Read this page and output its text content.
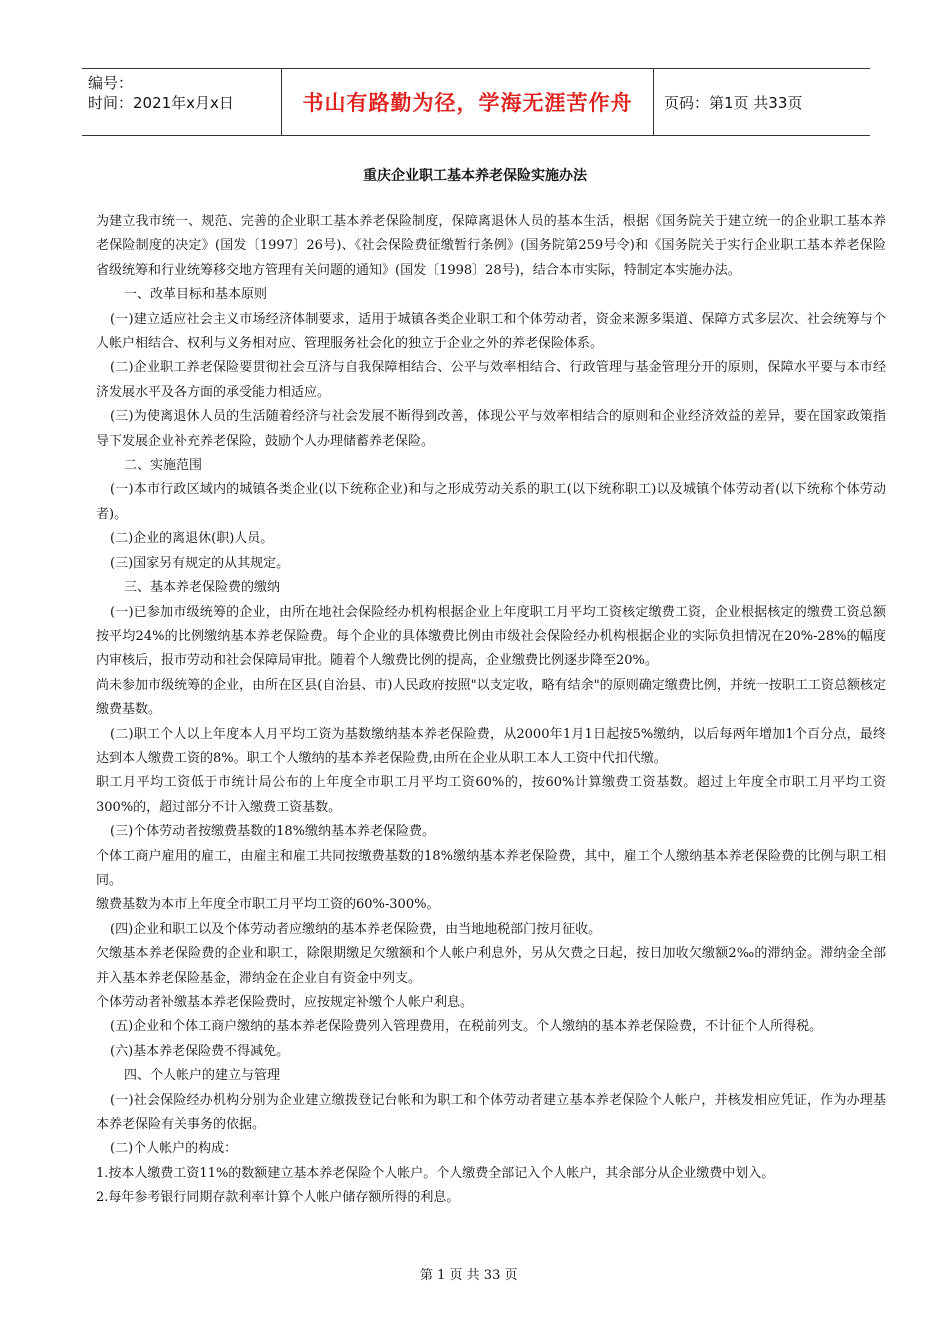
编号：
时间：2021年x月x日	书山有路勤为径，学海无涯苦作舟 页码：第1页 共33页
重庆企业职工基本养老保险实施办法

为建立我市统一、规范、完善的企业职工基本养老保险制度，保障离退休人员的基本生活，根据《国务院关于建立统一的企业职工基本养老保险制度的决定》(国发〔1997〕26号)、《社会保险费征缴暂行条例》(国务院第259号令)和《国务院关于实行企业职工基本养老保险省级统筹和行业统筹移交地方管理有关问题的通知》(国发〔1998〕28号)，结合本市实际，特制定本实施办法。

一、改革目标和基本原则

(一)建立适应社会主义市场经济体制要求，适用于城镇各类企业职工和个体劳动者，资金来源多渠道、保障方式多层次、社会统筹与个人帐户相结合、权利与义务相对应、管理服务社会化的独立于企业之外的养老保险体系。

(二)企业职工养老保险要贯彻社会互济与自我保障相结合、公平与效率相结合、行政管理与基金管理分开的原则，保障水平要与本市经济发展水平及各方面的承受能力相适应。

(三)为使离退休人员的生活随着经济与社会发展不断得到改善，体现公平与效率相结合的原则和企业经济效益的差异，要在国家政策指导下发展企业补充养老保险，鼓励个人办理储蓄养老保险。

二、实施范围

(一)本市行政区域内的城镇各类企业(以下统称企业)和与之形成劳动关系的职工(以下统称职工)以及城镇个体劳动者(以下统称个体劳动者)。

(二)企业的离退休(职)人员。

(三)国家另有规定的从其规定。

三、基本养老保险费的缴纳

(一)已参加市级统筹的企业，由所在地社会保险经办机构根据企业上年度职工月平均工资核定缴费工资，企业根据核定的缴费工资总额按平均24%的比例缴纳基本养老保险费。每个企业的具体缴费比例由市级社会保险经办机构根据企业的实际负担情况在20%-28%的幅度内审核后，报市劳动和社会保障局审批。随着个人缴费比例的提高，企业缴费比例逐步降至20%。

尚未参加市级统筹的企业，由所在区县(自治县、市)人民政府按照"以支定收，略有结余"的原则确定缴费比例，并统一按职工工资总额核定缴费基数。

(二)职工个人以上年度本人月平均工资为基数缴纳基本养老保险费，从2000年1月1日起按5%缴纳，以后每两年增加1个百分点，最终达到本人缴费工资的8%。职工个人缴纳的基本养老保险费,由所在企业从职工本人工资中代扣代缴。

职工月平均工资低于市统计局公布的上年度全市职工月平均工资60%的，按60%计算缴费工资基数。超过上年度全市职工月平均工资300%的，超过部分不计入缴费工资基数。

(三)个体劳动者按缴费基数的18%缴纳基本养老保险费。

个体工商户雇用的雇工，由雇主和雇工共同按缴费基数的18%缴纳基本养老保险费，其中，雇工个人缴纳基本养老保险费的比例与职工相同。

缴费基数为本市上年度全市职工月平均工资的60%-300%。

(四)企业和职工以及个体劳动者应缴纳的基本养老保险费，由当地地税部门按月征收。

欠缴基本养老保险费的企业和职工，除限期缴足欠缴额和个人帐户利息外，另从欠费之日起，按日加收欠缴额2‰的滞纳金。滞纳金全部并入基本养老保险基金，滞纳金在企业自有资金中列支。

个体劳动者补缴基本养老保险费时，应按规定补缴个人帐户利息。

(五)企业和个体工商户缴纳的基本养老保险费列入管理费用，在税前列支。个人缴纳的基本养老保险费，不计征个人所得税。

(六)基本养老保险费不得减免。

四、个人帐户的建立与管理

(一)社会保险经办机构分别为企业建立缴拨登记台帐和为职工和个体劳动者建立基本养老保险个人帐户，并核发相应凭证，作为办理基本养老保险有关事务的依据。

(二)个人帐户的构成：

1.按本人缴费工资11%的数额建立基本养老保险个人帐户。个人缴费全部记入个人帐户，其余部分从企业缴费中划入。

2.每年参考银行同期存款利率计算个人帐户储存额所得的利息。

第 1 页 共 33 页
